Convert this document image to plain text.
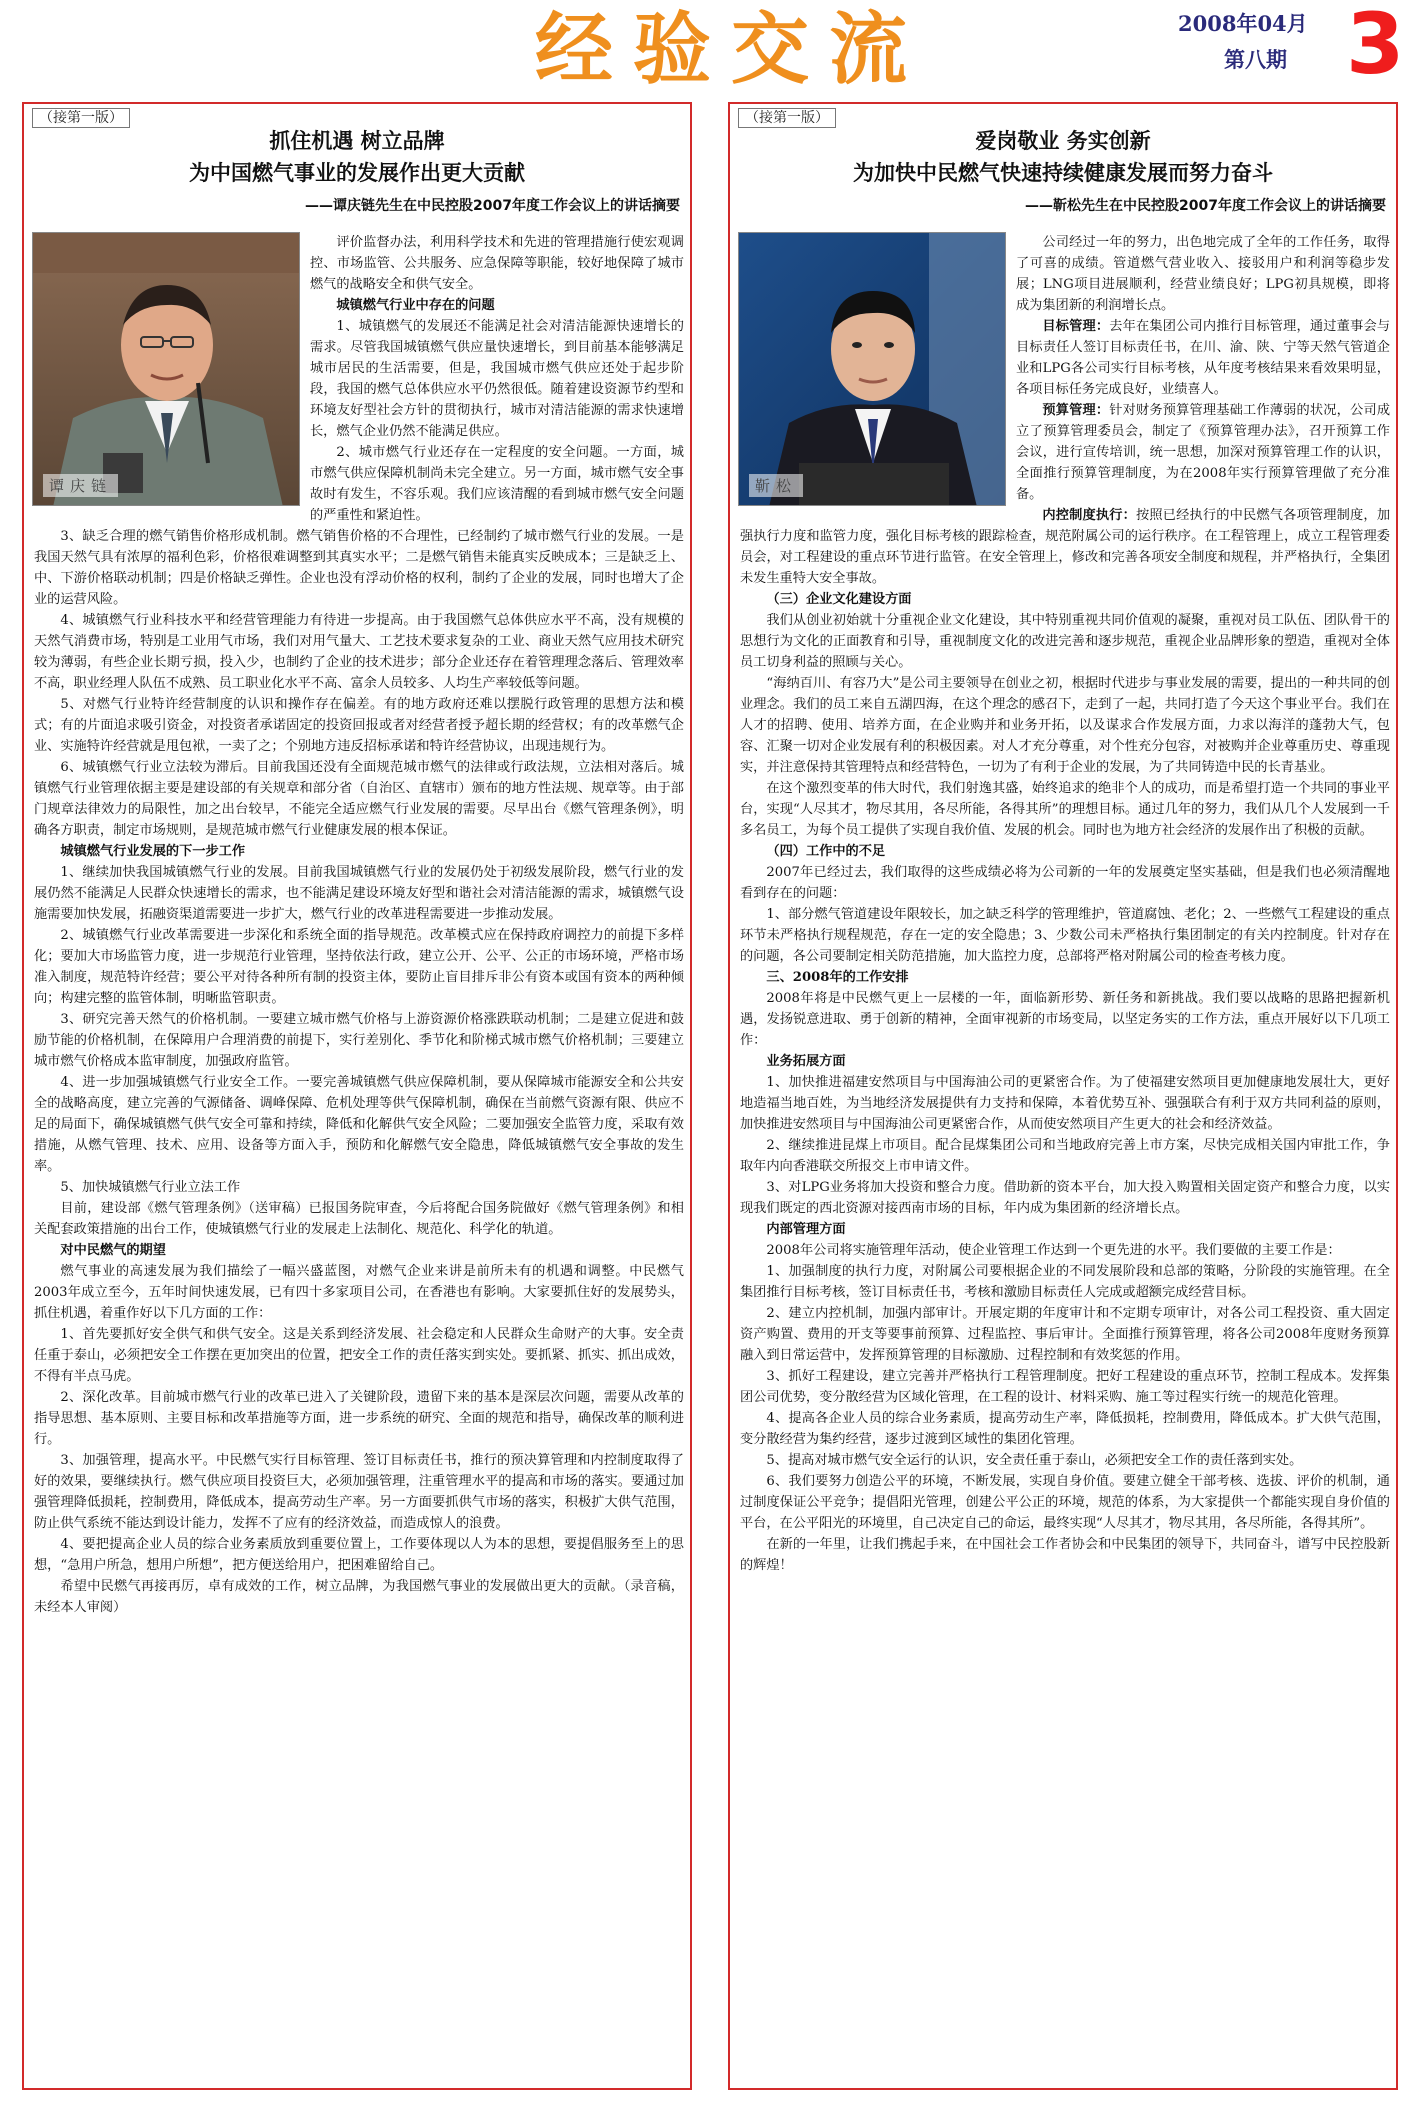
经验交流	2008年04月
第八期 3
（接第一版）
抓住机遇 树立品牌
为中国燃气事业的发展作出更大贡献
——谭庆链先生在中民控股2007年度工作会议上的讲话摘要

评价监督办法，利用科学技术和先进的管理措施行使宏观调控、市场监管、公共服务、应急保障等职能，较好地保障了城市燃气的战略安全和供气安全。

城镇燃气行业中存在的问题

1、城镇燃气的发展还不能满足社会对清洁能源快速增长的需求。尽管我国城镇燃气供应量快速增长，到目前基本能够满足城市居民的生活需要，但是，我国城市燃气供应还处于起步阶段，我国的燃气总体供应水平仍然很低。随着建设资源节约型和环境友好型社会方针的贯彻执行，城市对清洁能源的需求快速增长，燃气企业仍然不能满足供应。

2、城市燃气行业还存在一定程度的安全问题。一方面，城市燃气供应保障机制尚未完全建立。另一方面，城市燃气安全事故时有发生，不容乐观。我们应该清醒的看到城市燃气安全问题的严重性和紧迫性。

3、缺乏合理的燃气销售价格形成机制。燃气销售价格的不合理性，已经制约了城市燃气行业的发展。一是我国天然气具有浓厚的福利色彩，价格很难调整到其真实水平；二是燃气销售未能真实反映成本；三是缺乏上、中、下游价格联动机制；四是价格缺乏弹性。企业也没有浮动价格的权利，制约了企业的发展，同时也增大了企业的运营风险。

4、城镇燃气行业科技水平和经营管理能力有待进一步提高。由于我国燃气总体供应水平不高，没有规模的天然气消费市场，特别是工业用气市场，我们对用气量大、工艺技术要求复杂的工业、商业天然气应用技术研究较为薄弱，有些企业长期亏损，投入少，也制约了企业的技术进步；部分企业还存在着管理理念落后、管理效率不高，职业经理人队伍不成熟、员工职业化水平不高、富余人员较多、人均生产率较低等问题。

5、对燃气行业特许经营制度的认识和操作存在偏差。有的地方政府还难以摆脱行政管理的思想方法和模式；有的片面追求吸引资金，对投资者承诺固定的投资回报或者对经营者授予超长期的经营权；有的改革燃气企业、实施特许经营就是甩包袱，一卖了之；个别地方违反招标承诺和特许经营协议，出现违规行为。

6、城镇燃气行业立法较为滞后。目前我国还没有全面规范城市燃气的法律或行政法规，立法相对落后。城镇燃气行业管理依据主要是建设部的有关规章和部分省（自治区、直辖市）颁布的地方性法规、规章等。由于部门规章法律效力的局限性，加之出台较早，不能完全适应燃气行业发展的需要。尽早出台《燃气管理条例》，明确各方职责，制定市场规则，是规范城市燃气行业健康发展的根本保证。

城镇燃气行业发展的下一步工作

1、继续加快我国城镇燃气行业的发展。目前我国城镇燃气行业的发展仍处于初级发展阶段，燃气行业的发展仍然不能满足人民群众快速增长的需求，也不能满足建设环境友好型和谐社会对清洁能源的需求，城镇燃气设施需要加快发展，拓融资渠道需要进一步扩大，燃气行业的改革进程需要进一步推动发展。

2、城镇燃气行业改革需要进一步深化和系统全面的指导规范。改革模式应在保持政府调控力的前提下多样化；要加大市场监管力度，进一步规范行业管理，坚持依法行政，建立公开、公平、公正的市场环境，严格市场准入制度，规范特许经营；要公平对待各种所有制的投资主体，要防止盲目排斥非公有资本或国有资本的两种倾向；构建完整的监管体制，明晰监管职责。

3、研究完善天然气的价格机制。一要建立城市燃气价格与上游资源价格涨跌联动机制；二是建立促进和鼓励节能的价格机制，在保障用户合理消费的前提下，实行差别化、季节化和阶梯式城市燃气价格机制；三要建立城市燃气价格成本监审制度，加强政府监管。

4、进一步加强城镇燃气行业安全工作。一要完善城镇燃气供应保障机制，要从保障城市能源安全和公共安全的战略高度，建立完善的气源储备、调峰保障、危机处理等供气保障机制，确保在当前燃气资源有限、供应不足的局面下，确保城镇燃气供气安全可靠和持续，降低和化解供气安全风险；二要加强安全监管力度，采取有效措施，从燃气管理、技术、应用、设备等方面入手，预防和化解燃气安全隐患，降低城镇燃气安全事故的发生率。

5、加快城镇燃气行业立法工作

目前，建设部《燃气管理条例》（送审稿）已报国务院审查，今后将配合国务院做好《燃气管理条例》和相关配套政策措施的出台工作，使城镇燃气行业的发展走上法制化、规范化、科学化的轨道。

对中民燃气的期望

燃气事业的高速发展为我们描绘了一幅兴盛蓝图，对燃气企业来讲是前所未有的机遇和调整。中民燃气2003年成立至今，五年时间快速发展，已有四十多家项目公司，在香港也有影响。大家要抓住好的发展势头，抓住机遇，着重作好以下几方面的工作：

1、首先要抓好安全供气和供气安全。这是关系到经济发展、社会稳定和人民群众生命财产的大事。安全责任重于泰山，必须把安全工作摆在更加突出的位置，把安全工作的责任落实到实处。要抓紧、抓实、抓出成效，不得有半点马虎。

2、深化改革。目前城市燃气行业的改革已进入了关键阶段，遗留下来的基本是深层次问题，需要从改革的指导思想、基本原则、主要目标和改革措施等方面，进一步系统的研究、全面的规范和指导，确保改革的顺利进行。

3、加强管理，提高水平。中民燃气实行目标管理、签订目标责任书，推行的预决算管理和内控制度取得了好的效果，要继续执行。燃气供应项目投资巨大，必须加强管理，注重管理水平的提高和市场的落实。要通过加强管理降低损耗，控制费用，降低成本，提高劳动生产率。另一方面要抓供气市场的落实，积极扩大供气范围，防止供气系统不能达到设计能力，发挥不了应有的经济效益，而造成惊人的浪费。

4、要把提高企业人员的综合业务素质放到重要位置上，工作要体现以人为本的思想，要提倡服务至上的思想，“急用户所急，想用户所想”，把方便送给用户，把困难留给自己。

希望中民燃气再接再厉，卓有成效的工作，树立品牌，为我国燃气事业的发展做出更大的贡献。（录音稿，未经本人审阅）

谭庆链
（接第一版）
爱岗敬业 务实创新
为加快中民燃气快速持续健康发展而努力奋斗
——靳松先生在中民控股2007年度工作会议上的讲话摘要

公司经过一年的努力，出色地完成了全年的工作任务，取得了可喜的成绩。管道燃气营业收入、接驳用户和利润等稳步发展；LNG项目进展顺利，经营业绩良好；LPG初具规模，即将成为集团新的利润增长点。

目标管理：去年在集团公司内推行目标管理，通过董事会与目标责任人签订目标责任书，在川、渝、陕、宁等天然气管道企业和LPG各公司实行目标考核，从年度考核结果来看效果明显，各项目标任务完成良好，业绩喜人。

预算管理：针对财务预算管理基础工作薄弱的状况，公司成立了预算管理委员会，制定了《预算管理办法》，召开预算工作会议，进行宣传培训，统一思想，加深对预算管理工作的认识，全面推行预算管理制度，为在2008年实行预算管理做了充分准备。

内控制度执行：按照已经执行的中民燃气各项管理制度，加强执行力度和监管力度，强化目标考核的跟踪检查，规范附属公司的运行秩序。在工程管理上，成立工程管理委员会，对工程建设的重点环节进行监管。在安全管理上，修改和完善各项安全制度和规程，并严格执行，全集团未发生重特大安全事故。

（三）企业文化建设方面

我们从创业初始就十分重视企业文化建设，其中特别重视共同价值观的凝聚，重视对员工队伍、团队骨干的思想行为文化的正面教育和引导，重视制度文化的改进完善和逐步规范，重视企业品牌形象的塑造，重视对全体员工切身利益的照顾与关心。

“海纳百川、有容乃大”是公司主要领导在创业之初，根据时代进步与事业发展的需要，提出的一种共同的创业理念。我们的员工来自五湖四海，在这个理念的感召下，走到了一起，共同打造了今天这个事业平台。我们在人才的招聘、使用、培养方面，在企业购并和业务开拓，以及谋求合作发展方面，力求以海洋的蓬勃大气，包容、汇聚一切对企业发展有利的积极因素。对人才充分尊重，对个性充分包容，对被购并企业尊重历史、尊重现实，并注意保持其管理特点和经营特色，一切为了有利于企业的发展，为了共同铸造中民的长青基业。

在这个激烈变革的伟大时代，我们射逸其盛，始终追求的绝非个人的成功，而是希望打造一个共同的事业平台，实现“人尽其才，物尽其用，各尽所能，各得其所”的理想目标。通过几年的努力，我们从几个人发展到一千多名员工，为每个员工提供了实现自我价值、发展的机会。同时也为地方社会经济的发展作出了积极的贡献。

（四）工作中的不足

2007年已经过去，我们取得的这些成绩必将为公司新的一年的发展奠定坚实基础，但是我们也必须清醒地看到存在的问题：

1、部分燃气管道建设年限较长，加之缺乏科学的管理维护，管道腐蚀、老化；2、一些燃气工程建设的重点环节未严格执行规程规范，存在一定的安全隐患；3、少数公司未严格执行集团制定的有关内控制度。针对存在的问题，各公司要制定相关防范措施，加大监控力度，总部将严格对附属公司的检查考核力度。

三、2008年的工作安排

2008年将是中民燃气更上一层楼的一年，面临新形势、新任务和新挑战。我们要以战略的思路把握新机遇，发扬锐意进取、勇于创新的精神，全面审视新的市场变局，以坚定务实的工作方法，重点开展好以下几项工作：

业务拓展方面

1、加快推进福建安然项目与中国海油公司的更紧密合作。为了使福建安然项目更加健康地发展壮大，更好地造福当地百姓，为当地经济发展提供有力支持和保障，本着优势互补、强强联合有利于双方共同利益的原则，加快推进安然项目与中国海油公司更紧密合作，从而使安然项目产生更大的社会和经济效益。

2、继续推进昆煤上市项目。配合昆煤集团公司和当地政府完善上市方案，尽快完成相关国内审批工作，争取年内向香港联交所报交上市申请文件。

3、对LPG业务将加大投资和整合力度。借助新的资本平台，加大投入购置相关固定资产和整合力度，以实现我们既定的西北资源对接西南市场的目标，年内成为集团新的经济增长点。

内部管理方面

2008年公司将实施管理年活动，使企业管理工作达到一个更先进的水平。我们要做的主要工作是：

1、加强制度的执行力度，对附属公司要根据企业的不同发展阶段和总部的策略，分阶段的实施管理。在全集团推行目标考核，签订目标责任书，考核和激励目标责任人完成或超额完成经营目标。

2、建立内控机制，加强内部审计。开展定期的年度审计和不定期专项审计，对各公司工程投资、重大固定资产购置、费用的开支等要事前预算、过程监控、事后审计。全面推行预算管理，将各公司2008年度财务预算融入到日常运营中，发挥预算管理的目标激励、过程控制和有效奖惩的作用。

3、抓好工程建设，建立完善并严格执行工程管理制度。把好工程建设的重点环节，控制工程成本。发挥集团公司优势，变分散经营为区域化管理，在工程的设计、材料采购、施工等过程实行统一的规范化管理。

4、提高各企业人员的综合业务素质，提高劳动生产率，降低损耗，控制费用，降低成本。扩大供气范围，变分散经营为集约经营，逐步过渡到区域性的集团化管理。

5、提高对城市燃气安全运行的认识，安全责任重于泰山，必须把安全工作的责任落到实处。

6、我们要努力创造公平的环境，不断发展，实现自身价值。要建立健全干部考核、选拔、评价的机制，通过制度保证公平竞争；提倡阳光管理，创建公平公正的环境，规范的体系，为大家提供一个都能实现自身价值的平台，在公平阳光的环境里，自己决定自己的命运，最终实现“人尽其才，物尽其用，各尽所能，各得其所”。

在新的一年里，让我们携起手来，在中国社会工作者协会和中民集团的领导下，共同奋斗，谱写中民控股新的辉煌！

靳松
